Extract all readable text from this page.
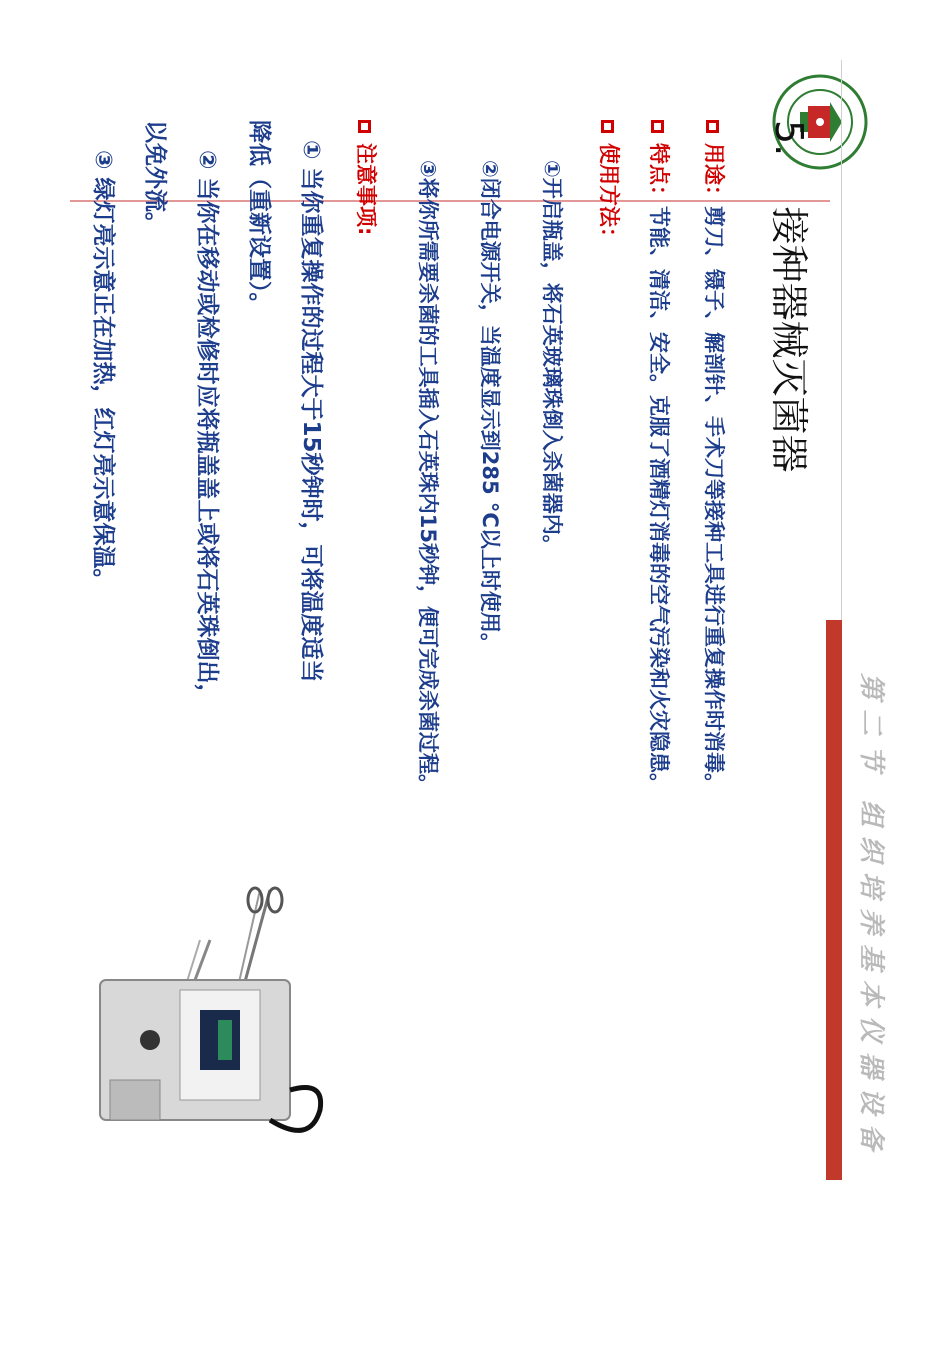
第二节 组织培养基本仪器设备
5.  接种器械灭菌器
用途：剪刀、镊子、解剖针、手术刀等接种工具进行重复操作时消毒。
特点：节能、清洁、安全。克服了酒精灯消毒的空气污染和火灾隐患。
使用方法：
①开启瓶盖，将石英玻璃珠倒入杀菌器内。
②闭合电源开关，当温度显示到285 °C以上时使用。
③将你所需要杀菌的工具插入石英珠内15秒钟，便可完成杀菌过程。
注意事项:
① 当你重复操作的过程大于15秒钟时，可将温度适当
降低（重新设置）。
② 当你在移动或检修时应将瓶盖盖上或将石英珠倒出，
以免外流。
③ 绿灯亮示意正在加热，红灯亮示意保温。
